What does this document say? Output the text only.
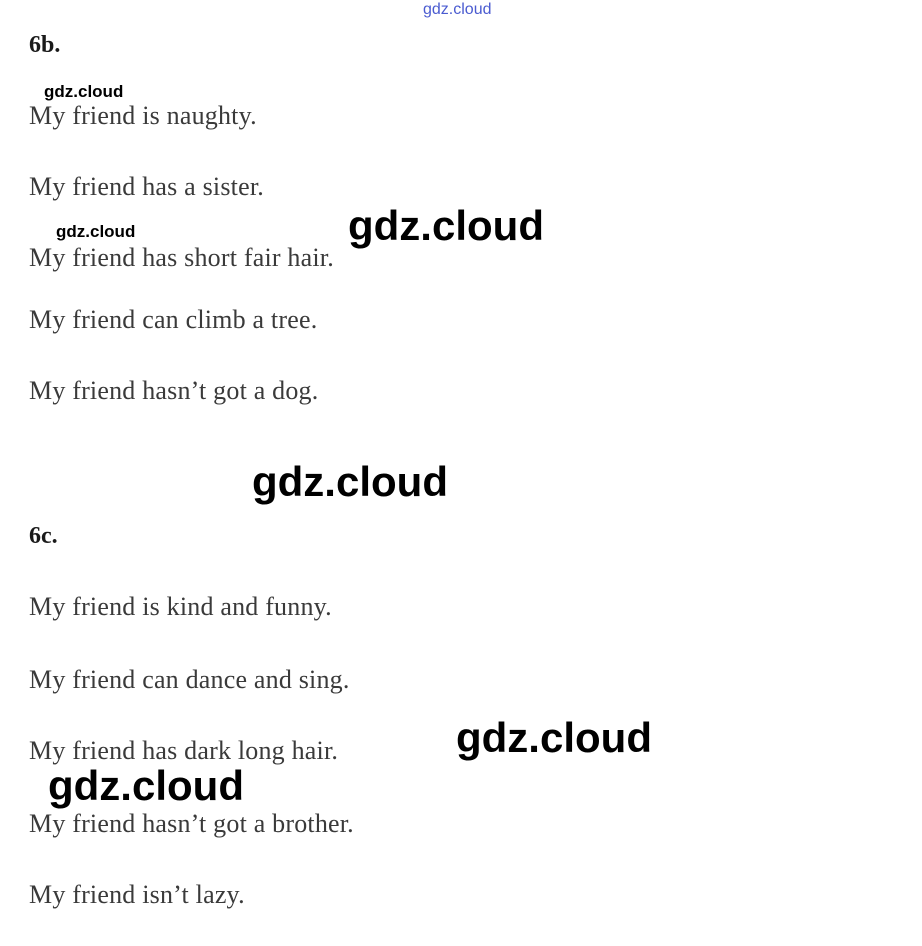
gdz.cloud
6b.

My friend is naughty.

My friend has a sister.

My friend has short fair hair.

My friend can climb a tree.

My friend hasn’t got a dog.

6c.

My friend is kind and funny.

My friend can dance and sing.

My friend has dark long hair.

My friend hasn’t got a brother.

My friend isn’t lazy.

gdz.cloud
gdz.cloud	gdz.cloud
gdz.cloud
gdz.cloud
gdz.cloud
